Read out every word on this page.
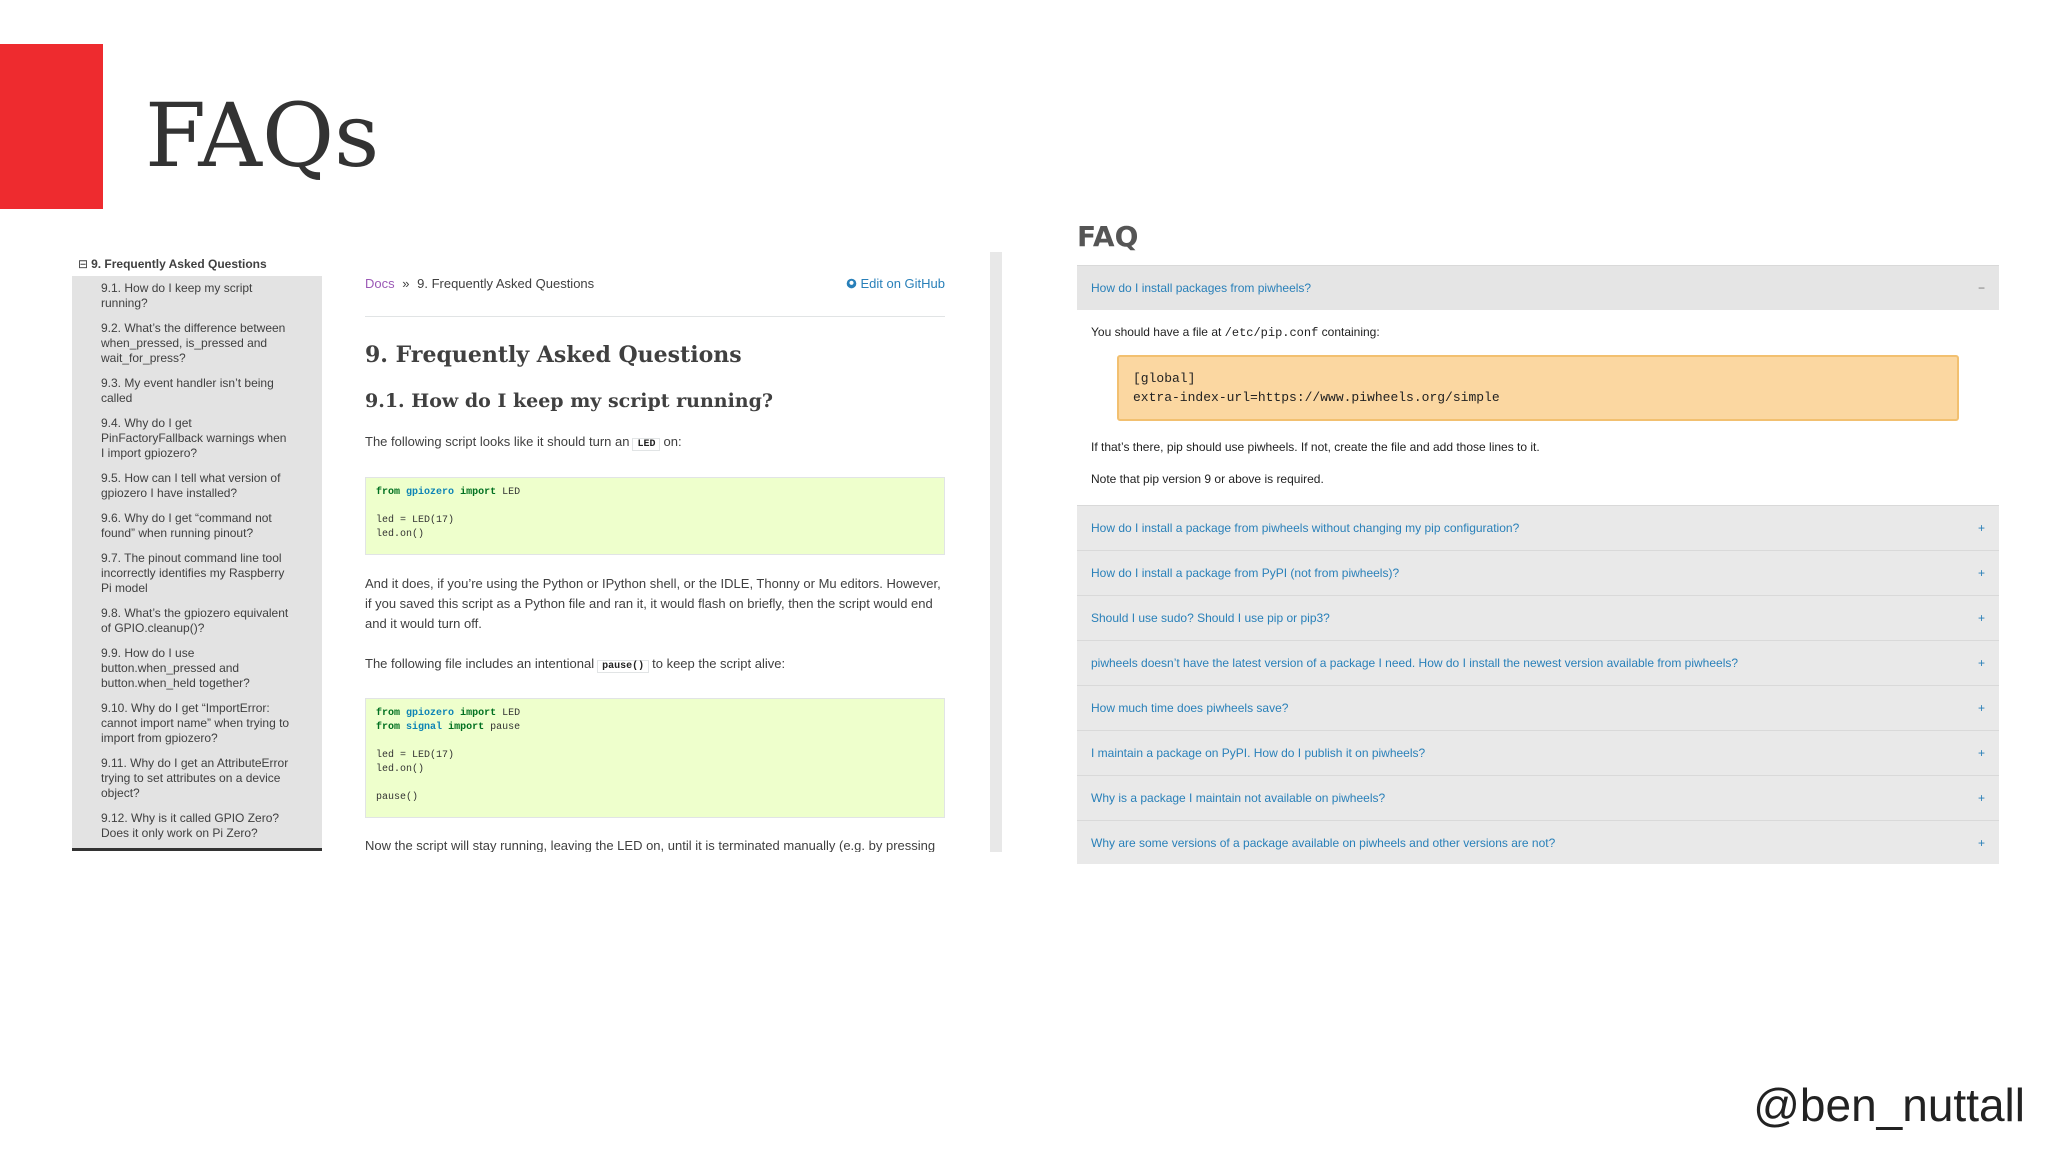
FAQs
⊟ 9. Frequently Asked Questions
9.1. How do I keep my script running?
9.2. What’s the difference between when_pressed, is_pressed and wait_for_press?
9.3. My event handler isn’t being called
9.4. Why do I get PinFactoryFallback warnings when I import gpiozero?
9.5. How can I tell what version of gpiozero I have installed?
9.6. Why do I get “command not found” when running pinout?
9.7. The pinout command line tool incorrectly identifies my Raspberry Pi model
9.8. What’s the gpiozero equivalent of GPIO.cleanup()?
9.9. How do I use button.when_pressed and button.when_held together?
9.10. Why do I get “ImportError: cannot import name” when trying to import from gpiozero?
9.11. Why do I get an AttributeError trying to set attributes on a device object?
9.12. Why is it called GPIO Zero? Does it only work on Pi Zero?
Docs » 9. Frequently Asked Questions	Edit on GitHub
9. Frequently Asked Questions
9.1. How do I keep my script running?

The following script looks like it should turn an LED on:

from gpiozero import LED

led = LED(17)
led.on()

And it does, if you’re using the Python or IPython shell, or the IDLE, Thonny or Mu editors. However, if you saved this script as a Python file and ran it, it would flash on briefly, then the script would end and it would turn off.

The following file includes an intentional pause() to keep the script alive:

from gpiozero import LED
from signal import pause

led = LED(17)
led.on()

pause()

Now the script will stay running, leaving the LED on, until it is terminated manually (e.g. by pressing

FAQ
How do I install packages from piwheels?	−

You should have a file at /etc/pip.conf containing:

[global]
extra-index-url=https://www.piwheels.org/simple

If that’s there, pip should use piwheels. If not, create the file and add those lines to it.

Note that pip version 9 or above is required.

How do I install a package from piwheels without changing my pip configuration?	+
How do I install a package from PyPI (not from piwheels)?	+
Should I use sudo? Should I use pip or pip3?	+
piwheels doesn’t have the latest version of a package I need. How do I install the newest version available from piwheels?	+
How much time does piwheels save?	+
I maintain a package on PyPI. How do I publish it on piwheels?	+
Why is a package I maintain not available on piwheels?	+
Why are some versions of a package available on piwheels and other versions are not?	+
@ben_nuttall
